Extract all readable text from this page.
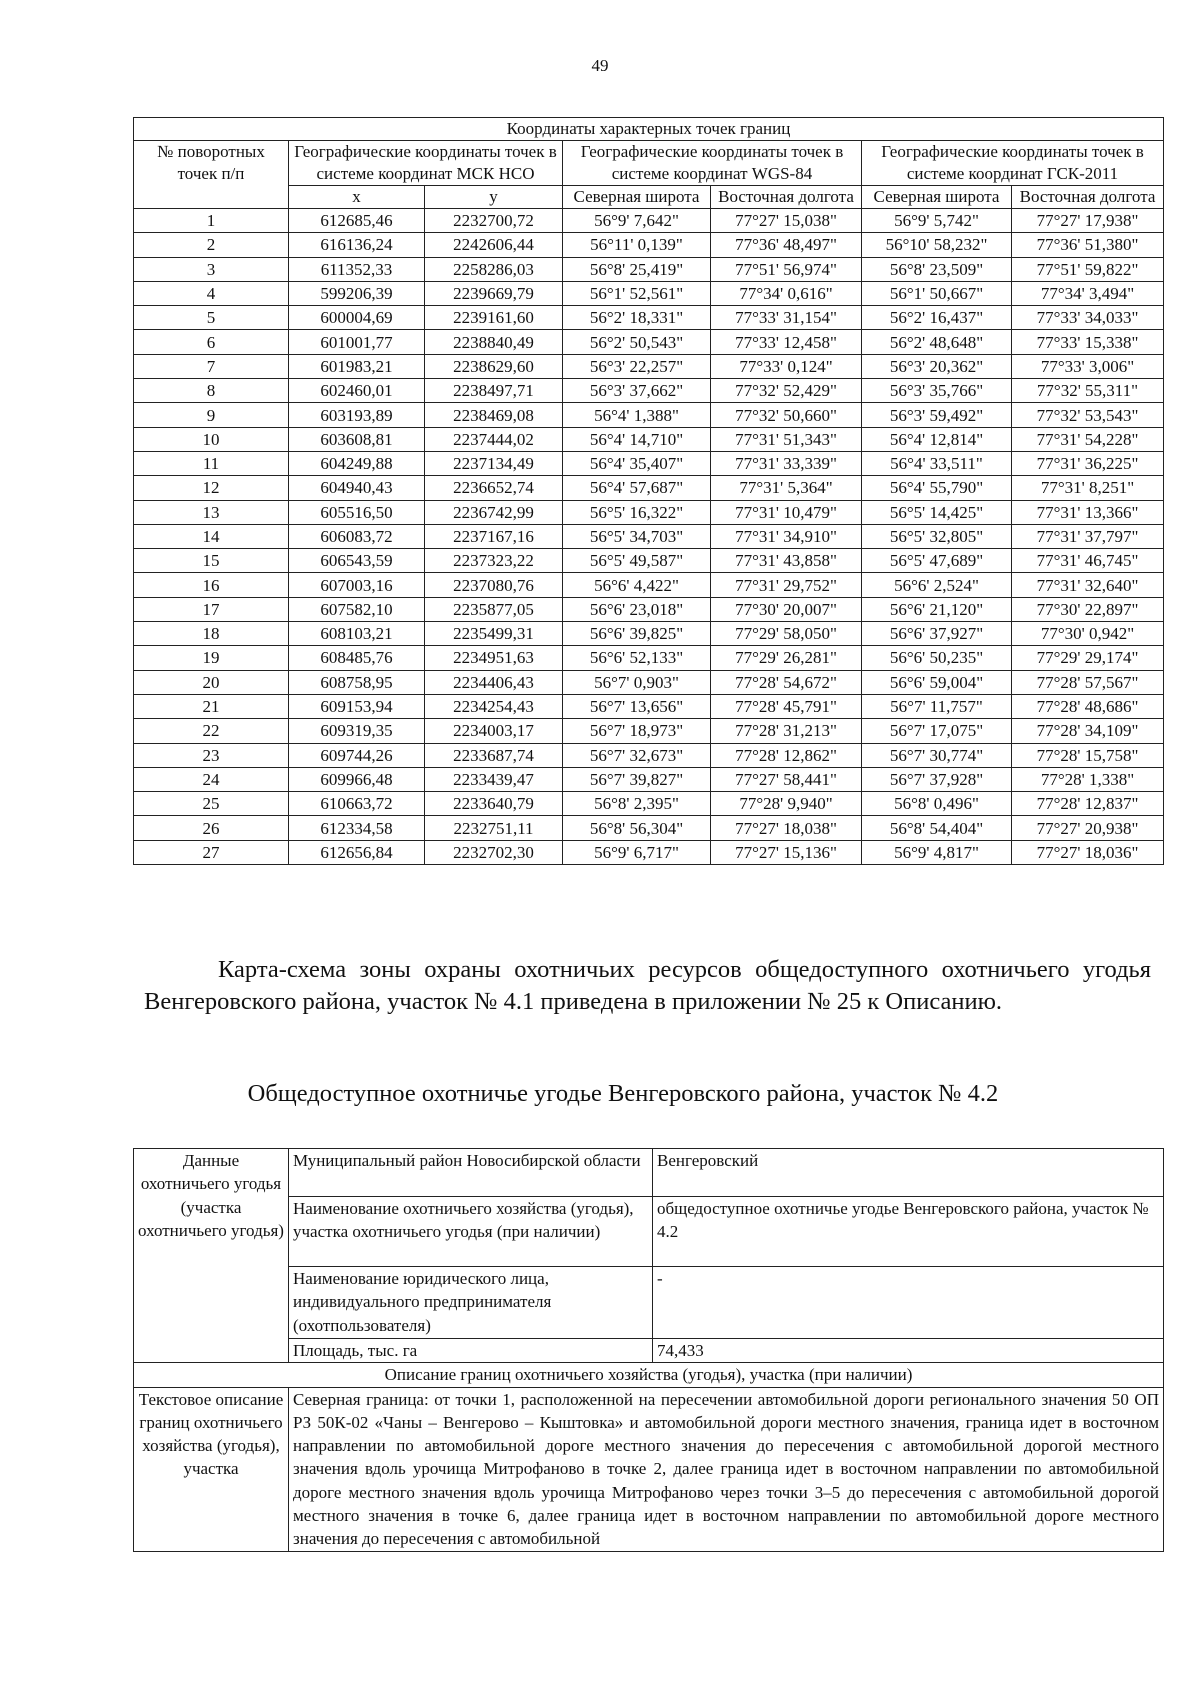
49
Координаты характерных точек границ						
№ поворотных точек п/п	Географические координаты точек в системе координат МСК НСО		Географические координаты точек в системе координат WGS-84		Географические координаты точек в системе координат ГСК-2011	
	x	y	Северная широта	Восточная долгота	Северная широта	Восточная долгота
1	612685,46	2232700,72	56°9' 7,642"	77°27' 15,038"	56°9' 5,742"	77°27' 17,938"
2	616136,24	2242606,44	56°11' 0,139"	77°36' 48,497"	56°10' 58,232"	77°36' 51,380"
3	611352,33	2258286,03	56°8' 25,419"	77°51' 56,974"	56°8' 23,509"	77°51' 59,822"
4	599206,39	2239669,79	56°1' 52,561"	77°34' 0,616"	56°1' 50,667"	77°34' 3,494"
5	600004,69	2239161,60	56°2' 18,331"	77°33' 31,154"	56°2' 16,437"	77°33' 34,033"
6	601001,77	2238840,49	56°2' 50,543"	77°33' 12,458"	56°2' 48,648"	77°33' 15,338"
7	601983,21	2238629,60	56°3' 22,257"	77°33' 0,124"	56°3' 20,362"	77°33' 3,006"
8	602460,01	2238497,71	56°3' 37,662"	77°32' 52,429"	56°3' 35,766"	77°32' 55,311"
9	603193,89	2238469,08	56°4' 1,388"	77°32' 50,660"	56°3' 59,492"	77°32' 53,543"
10	603608,81	2237444,02	56°4' 14,710"	77°31' 51,343"	56°4' 12,814"	77°31' 54,228"
11	604249,88	2237134,49	56°4' 35,407"	77°31' 33,339"	56°4' 33,511"	77°31' 36,225"
12	604940,43	2236652,74	56°4' 57,687"	77°31' 5,364"	56°4' 55,790"	77°31' 8,251"
13	605516,50	2236742,99	56°5' 16,322"	77°31' 10,479"	56°5' 14,425"	77°31' 13,366"
14	606083,72	2237167,16	56°5' 34,703"	77°31' 34,910"	56°5' 32,805"	77°31' 37,797"
15	606543,59	2237323,22	56°5' 49,587"	77°31' 43,858"	56°5' 47,689"	77°31' 46,745"
16	607003,16	2237080,76	56°6' 4,422"	77°31' 29,752"	56°6' 2,524"	77°31' 32,640"
17	607582,10	2235877,05	56°6' 23,018"	77°30' 20,007"	56°6' 21,120"	77°30' 22,897"
18	608103,21	2235499,31	56°6' 39,825"	77°29' 58,050"	56°6' 37,927"	77°30' 0,942"
19	608485,76	2234951,63	56°6' 52,133"	77°29' 26,281"	56°6' 50,235"	77°29' 29,174"
20	608758,95	2234406,43	56°7' 0,903"	77°28' 54,672"	56°6' 59,004"	77°28' 57,567"
21	609153,94	2234254,43	56°7' 13,656"	77°28' 45,791"	56°7' 11,757"	77°28' 48,686"
22	609319,35	2234003,17	56°7' 18,973"	77°28' 31,213"	56°7' 17,075"	77°28' 34,109"
23	609744,26	2233687,74	56°7' 32,673"	77°28' 12,862"	56°7' 30,774"	77°28' 15,758"
24	609966,48	2233439,47	56°7' 39,827"	77°27' 58,441"	56°7' 37,928"	77°28' 1,338"
25	610663,72	2233640,79	56°8' 2,395"	77°28' 9,940"	56°8' 0,496"	77°28' 12,837"
26	612334,58	2232751,11	56°8' 56,304"	77°27' 18,038"	56°8' 54,404"	77°27' 20,938"
27	612656,84	2232702,30	56°9' 6,717"	77°27' 15,136"	56°9' 4,817"	77°27' 18,036"
Карта-схема зоны охраны охотничьих ресурсов общедоступного охотничьего угодья Венгеровского района, участок № 4.1 приведена в приложении № 25 к Описанию.
Общедоступное охотничье угодье Венгеровского района, участок № 4.2
Данные охотничьего угодья (участка охотничьего угодья)	Муниципальный район Новосибирской области	Венгеровский
	Наименование охотничьего хозяйства (угодья), участка охотничьего угодья (при наличии)	общедоступное охотничье угодье Венгеровского района, участок № 4.2
	Наименование юридического лица, индивидуального предпринимателя (охотпользователя)	-
	Площадь, тыс. га	74,433
Описание границ охотничьего хозяйства (угодья), участка (при наличии)		
Текстовое описание границ охотничьего хозяйства (угодья), участка	Северная граница: от точки 1, расположенной на пересечении автомобильной дороги регионального значения 50 ОП РЗ 50К-02 «Чаны – Венгерово – Кыштовка» и автомобильной дороги местного значения, граница идет в восточном направлении по автомобильной дороге местного значения до пересечения с автомобильной дорогой местного значения вдоль урочища Митрофаново в точке 2, далее граница идет в восточном направлении по автомобильной дороге местного значения вдоль урочища Митрофаново через точки 3–5 до пересечения с автомобильной дорогой местного значения в точке 6, далее граница идет в восточном направлении по автомобильной дороге местного значения до пересечения с автомобильной	
